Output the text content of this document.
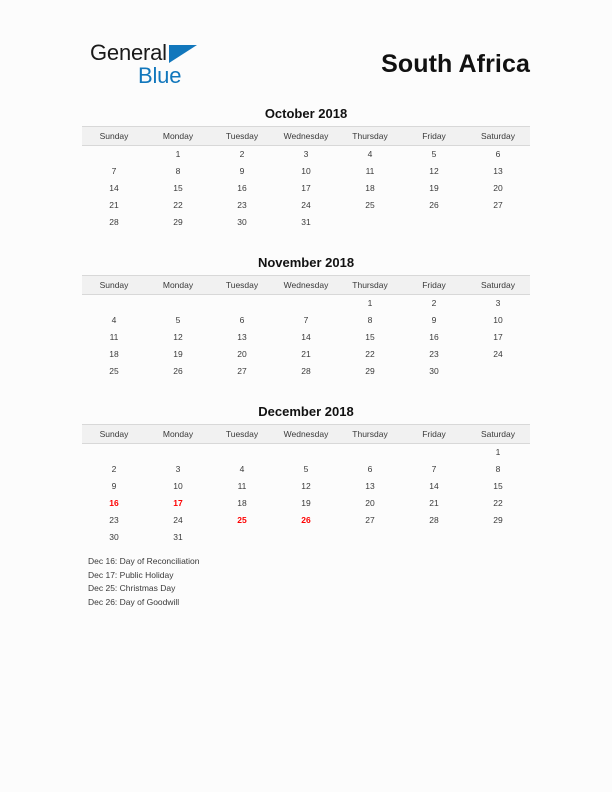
General
Blue	South Africa
October 2018
Sunday	Monday	Tuesday	Wednesday	Thursday	Friday	Saturday
	1	2	3	4	5	6
7	8	9	10	11	12	13
14	15	16	17	18	19	20
21	22	23	24	25	26	27
28	29	30	31			
November 2018
Sunday	Monday	Tuesday	Wednesday	Thursday	Friday	Saturday
				1	2	3
4	5	6	7	8	9	10
11	12	13	14	15	16	17
18	19	20	21	22	23	24
25	26	27	28	29	30	
December 2018
Sunday	Monday	Tuesday	Wednesday	Thursday	Friday	Saturday
						1
2	3	4	5	6	7	8
9	10	11	12	13	14	15
16	17	18	19	20	21	22
23	24	25	26	27	28	29
30	31					
Dec 16: Day of Reconciliation
Dec 17: Public Holiday
Dec 25: Christmas Day
Dec 26: Day of Goodwill
